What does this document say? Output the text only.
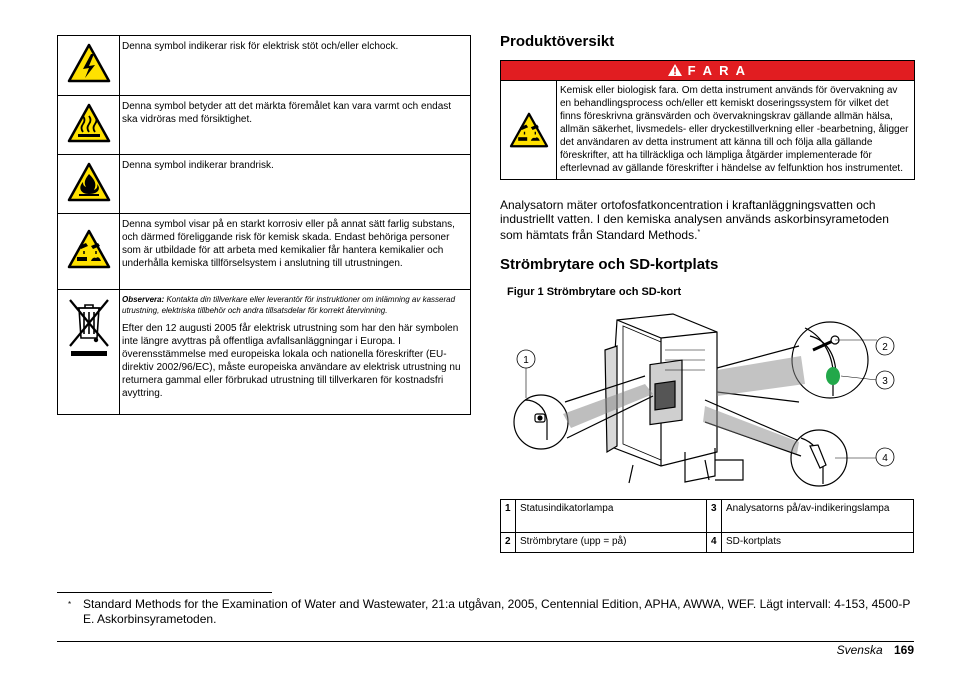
	Denna symbol indikerar risk för elektrisk stöt och/eller elchock.
	Denna symbol betyder att det märkta föremålet kan vara varmt och endast ska vidröras med försiktighet.
	Denna symbol indikerar brandrisk.
	Denna symbol visar på en starkt korrosiv eller på annat sätt farlig substans, och därmed föreliggande risk för kemisk skada. Endast behöriga personer som är utbildade för att arbeta med kemikalier får hantera kemikalier och underhålla kemiska tillförselsystem i anslutning till utrustningen.

Observera: Kontakta din tillverkare eller leverantör för instruktioner om inlämning av kasserad utrustning, elektriska tillbehör och andra tillsatsdelar för korrekt återvinning.
Efter den 12 augusti 2005 får elektrisk utrustning som har den här symbolen inte längre avyttras på offentliga avfallsanläggningar i Europa. I överensstämmelse med europeiska lokala och nationella föreskrifter (EU-direktiv 2002/96/EC), måste europeiska användare av elektrisk utrustning nu returnera gammal eller förbrukad utrustning till tillverkaren för kostnadsfri avyttring.
Produktöversikt
F A R A
Kemisk eller biologisk fara. Om detta instrument används för övervakning av en behandlingsprocess och/eller ett kemiskt doseringssystem för vilket det finns föreskrivna gränsvärden och övervakningskrav gällande allmän hälsa, allmän säkerhet, livsmedels- eller dryckestillverkning eller -bearbetning, åligger det användaren av detta instrument att känna till och följa alla gällande föreskrifter, att ha tillräckliga och lämpliga åtgärder implementerade för efterlevnad av gällande föreskrifter i händelse av felfunktion hos instrumentet.
Analysatorn mäter ortofosfatkoncentration i kraftanläggningsvatten och industriellt vatten. I den kemiska analysen används askorbinsyrametoden som hämtats från Standard Methods.*
Strömbrytare och SD-kortplats
Figur 1 Strömbrytare och SD-kort
1
2
3
4
1	Statusindikatorlampa	3	Analysatorns på/av-indikeringslampa
2	Strömbrytare (upp = på)	4	SD-kortplats
* Standard Methods for the Examination of Water and Wastewater, 21:a utgåvan, 2005, Centennial Edition, APHA, AWWA, WEF. Lägt intervall: 4-153, 4500-P E. Askorbinsyrametoden.
Svenska 169
